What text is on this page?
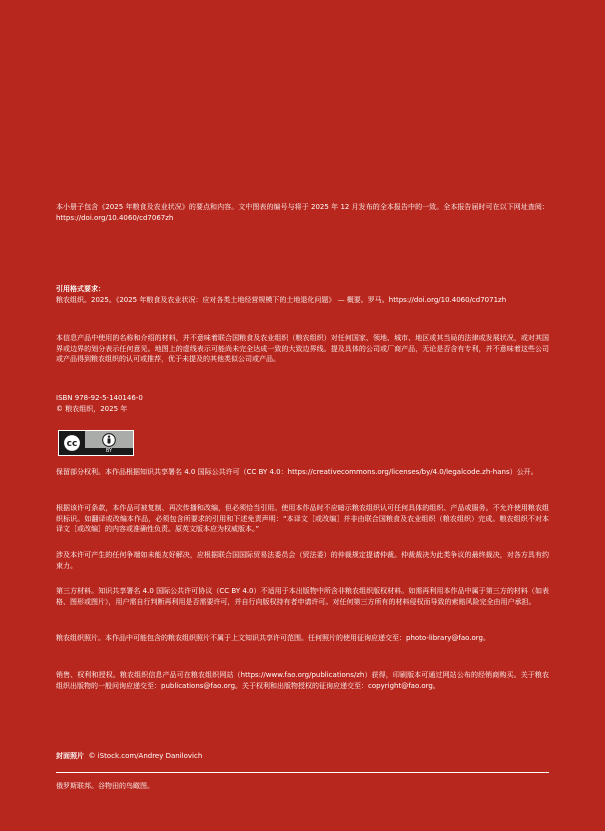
本小册子包含《2025 年粮食及农业状况》的要点和内容。文中图表的编号与将于 2025 年 12 月发布的全本报告中的一致。全本报告届时可在以下网址查阅：https://doi.org/10.4060/cd7067zh

引用格式要求：

粮农组织。2025。《2025 年粮食及农业状况：应对各类土地经营规模下的土地退化问题》 — 概要。罗马。https://doi.org/10.4060/cd7071zh

本信息产品中使用的名称和介绍的材料，并不意味着联合国粮食及农业组织（粮农组织）对任何国家、领地、城市、地区或其当局的法律或发展状况，或对其国界或边界的划分表示任何意见。地图上的虚线表示可能尚未完全达成一致的大致边界线。提及具体的公司或厂商产品，无论是否含有专利，并不意味着这些公司或产品得到粮农组织的认可或推荐，优于未提及的其他类似公司或产品。

ISBN 978-92-5-140146-0

© 粮农组织，2025 年

cc
BY

保留部分权利。本作品根据知识共享署名 4.0 国际公共许可（CC BY 4.0：https://creativecommons.org/licenses/by/4.0/legalcode.zh-hans）公开。

根据该许可条款，本作品可被复制、再次传播和改编，但必须恰当引用。使用本作品时不应暗示粮农组织认可任何具体的组织、产品或服务。不允许使用粮农组织标识。如翻译或改编本作品，必须包含所要求的引用和下述免责声明：“本译文［或改编］并非由联合国粮食及农业组织（粮农组织）完成。粮农组织不对本译文［或改编］的内容或准确性负责。原英文版本应为权威版本。”

涉及本许可产生的任何争端如未能友好解决，应根据联合国国际贸易法委员会（贸法委）的仲裁规定提请仲裁。仲裁裁决为此类争议的最终裁决，对各方具有约束力。

第三方材料。知识共享署名 4.0 国际公共许可协议（CC BY 4.0）不适用于本出版物中所含非粮农组织版权材料。如需再利用本作品中属于第三方的材料（如表格、图形或图片），用户需自行判断再利用是否需要许可，并自行向版权持有者申请许可。对任何第三方所有的材料侵权而导致的索赔风险完全由用户承担。

粮农组织照片。本作品中可能包含的粮农组织照片不属于上文知识共享许可范围。任何照片的使用征询应递交至：photo-library@fao.org。

销售、权利和授权。粮农组织信息产品可在粮农组织网站（https://www.fao.org/publications/zh）获得，印刷版本可通过网站公布的经销商购买。关于粮农组织出版物的一般问询应递交至：publications@fao.org。关于权利和出版物授权的征询应递交至：copyright@fao.org。

封面照片 © iStock.com/Andrey Danilovich

俄罗斯联邦。谷物田的鸟瞰图。
